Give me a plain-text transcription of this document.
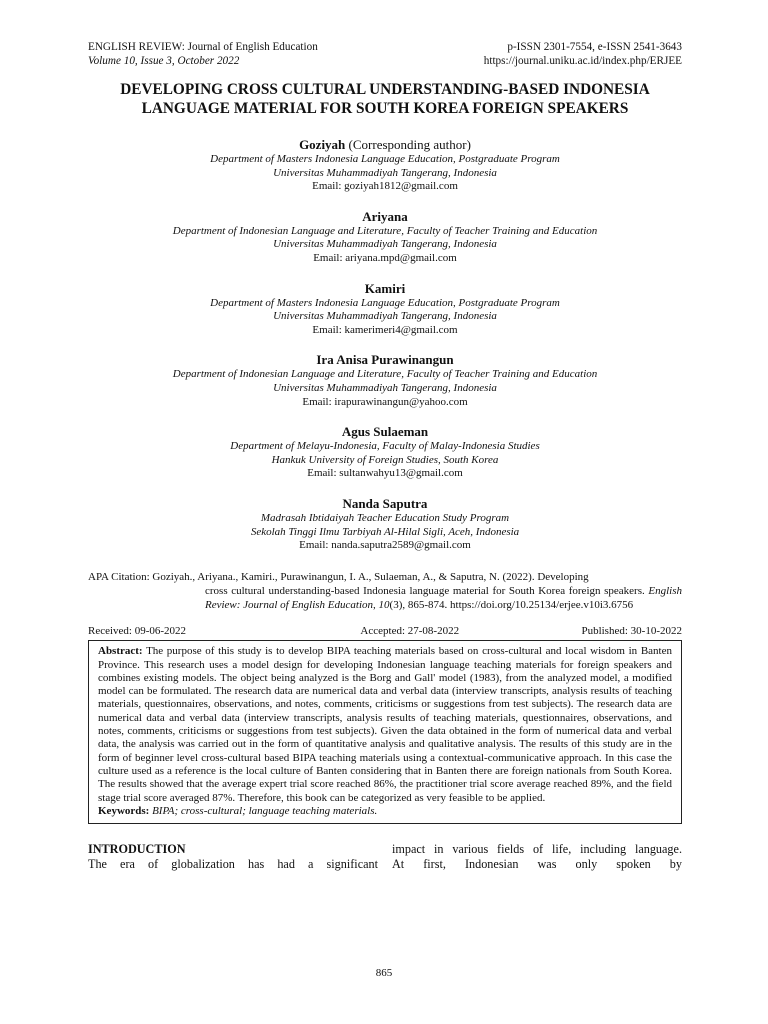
ENGLISH REVIEW: Journal of English Education
Volume 10, Issue 3, October 2022
p-ISSN 2301-7554, e-ISSN 2541-3643
https://journal.uniku.ac.id/index.php/ERJEE
DEVELOPING CROSS CULTURAL UNDERSTANDING-BASED INDONESIA LANGUAGE MATERIAL FOR SOUTH KOREA FOREIGN SPEAKERS
Goziyah (Corresponding author)
Department of Masters Indonesia Language Education, Postgraduate Program
Universitas Muhammadiyah Tangerang, Indonesia
Email: goziyah1812@gmail.com
Ariyana
Department of Indonesian Language and Literature, Faculty of Teacher Training and Education
Universitas Muhammadiyah Tangerang, Indonesia
Email: ariyana.mpd@gmail.com
Kamiri
Department of Masters Indonesia Language Education, Postgraduate Program
Universitas Muhammadiyah Tangerang, Indonesia
Email: kamerimeri4@gmail.com
Ira Anisa Purawinangun
Department of Indonesian Language and Literature, Faculty of Teacher Training and Education
Universitas Muhammadiyah Tangerang, Indonesia
Email: irapurawinangun@yahoo.com
Agus Sulaeman
Department of Melayu-Indonesia, Faculty of Malay-Indonesia Studies
Hankuk University of Foreign Studies, South Korea
Email: sultanwahyu13@gmail.com
Nanda Saputra
Madrasah Ibtidaiyah Teacher Education Study Program
Sekolah Tinggi Ilmu Tarbiyah Al-Hilal Sigli, Aceh, Indonesia
Email: nanda.saputra2589@gmail.com
APA Citation: Goziyah., Ariyana., Kamiri., Purawinangun, I. A., Sulaeman, A., & Saputra, N. (2022). Developing
cross cultural understanding-based Indonesia language material for South Korea foreign speakers. English Review: Journal of English Education, 10(3), 865-874. https://doi.org/10.25134/erjee.v10i3.6756
Received: 09-06-2022	Accepted: 27-08-2022	Published: 30-10-2022
Abstract: The purpose of this study is to develop BIPA teaching materials based on cross-cultural and local wisdom in Banten Province. This research uses a model design for developing Indonesian language teaching materials for foreign speakers and combines existing models. The object being analyzed is the Borg and Gall' model (1983), from the analyzed model, a modified model can be formulated. The research data are numerical data and verbal data (interview transcripts, analysis results of teaching materials, questionnaires, observations, and notes, comments, criticisms or suggestions from test subjects). The research data are numerical data and verbal data (interview transcripts, analysis results of teaching materials, questionnaires, observations, and notes, comments, criticisms or suggestions from test subjects). Given the data obtained in the form of numerical data and verbal data, the analysis was carried out in the form of quantitative analysis and qualitative analysis. The results of this study are in the form of beginner level cross-cultural based BIPA teaching materials using a contextual-communicative approach. In this case the culture used as a reference is the local culture of Banten considering that in Banten there are foreign nationals from South Korea. The results showed that the average expert trial score reached 86%, the practitioner trial score average reached 89%, and the field stage trial score averaged 87%. Therefore, this book can be categorized as very feasible to be applied.
Keywords: BIPA; cross-cultural; language teaching materials.
INTRODUCTION
The era of globalization has had a significant
impact in various fields of life, including language.
At first, Indonesian was only spoken by
865
